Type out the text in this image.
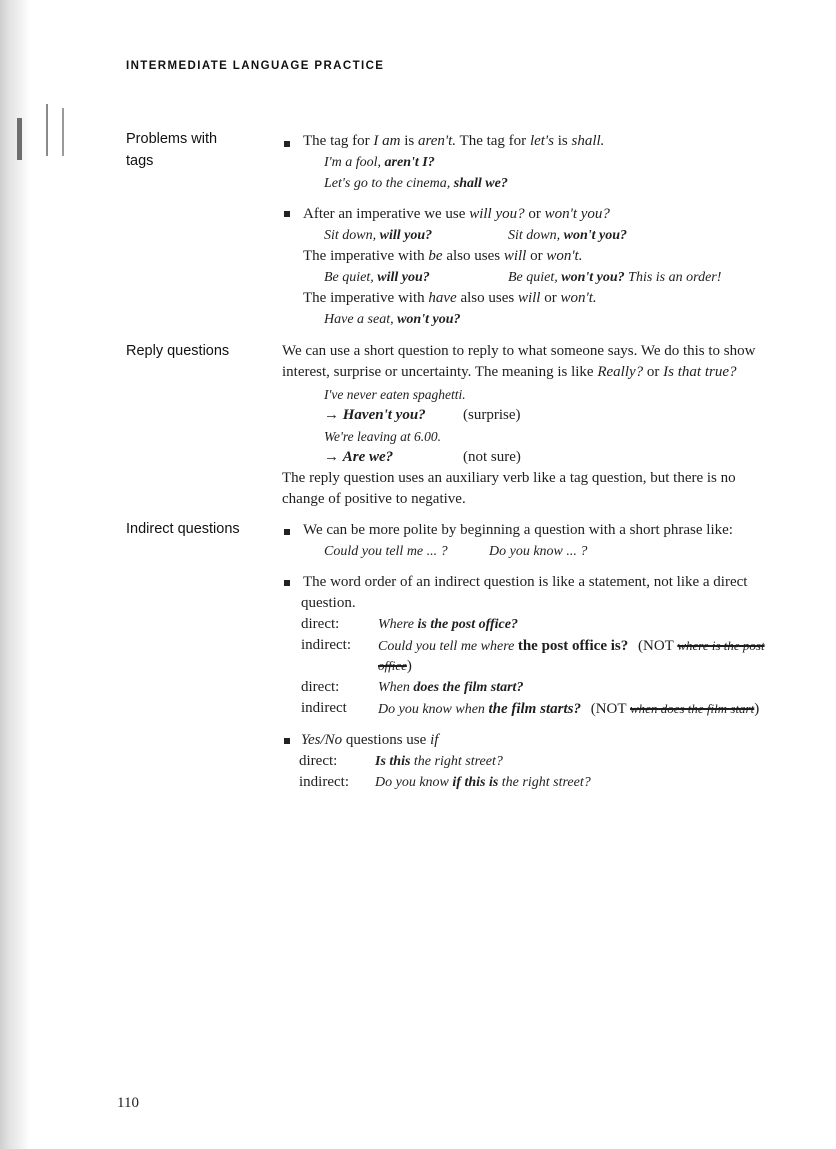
INTERMEDIATE LANGUAGE PRACTICE
Problems with
tags
The tag for I am is aren't. The tag for let's is shall.
I'm a fool, aren't I?
Let's go to the cinema, shall we?
After an imperative we use will you? or won't you?
Sit down, will you?	Sit down, won't you?
The imperative with be also uses will or won't.
Be quiet, will you?	Be quiet, won't you? This is an order!
The imperative with have also uses will or won't.
Have a seat, won't you?
Reply questions	We can use a short question to reply to what someone says. We do this to show
interest, surprise or uncertainty. The meaning is like Really? or Is that true?
I've never eaten spaghetti.
→ Haven't you? (surprise)
We're leaving at 6.00.
→ Are we?	(not sure)
The reply question uses an auxiliary verb like a tag question, but there is no
change of positive to negative.
Indirect questions	We can be more polite by beginning a question with a short phrase like:
Could you tell me ... ?	Do you know ... ?
The word order of an indirect question is like a statement, not like a direct
question.
direct:	Where is the post office?
indirect: Could you tell me where the post office is? (NOT where is the post
office)
direct:	When does the film start?
indirect Do you know when the film starts? (NOT when does the film start)
Yes/No questions use if
direct:	Is this the right street?
indirect: Do you know if this is the right street?
110
